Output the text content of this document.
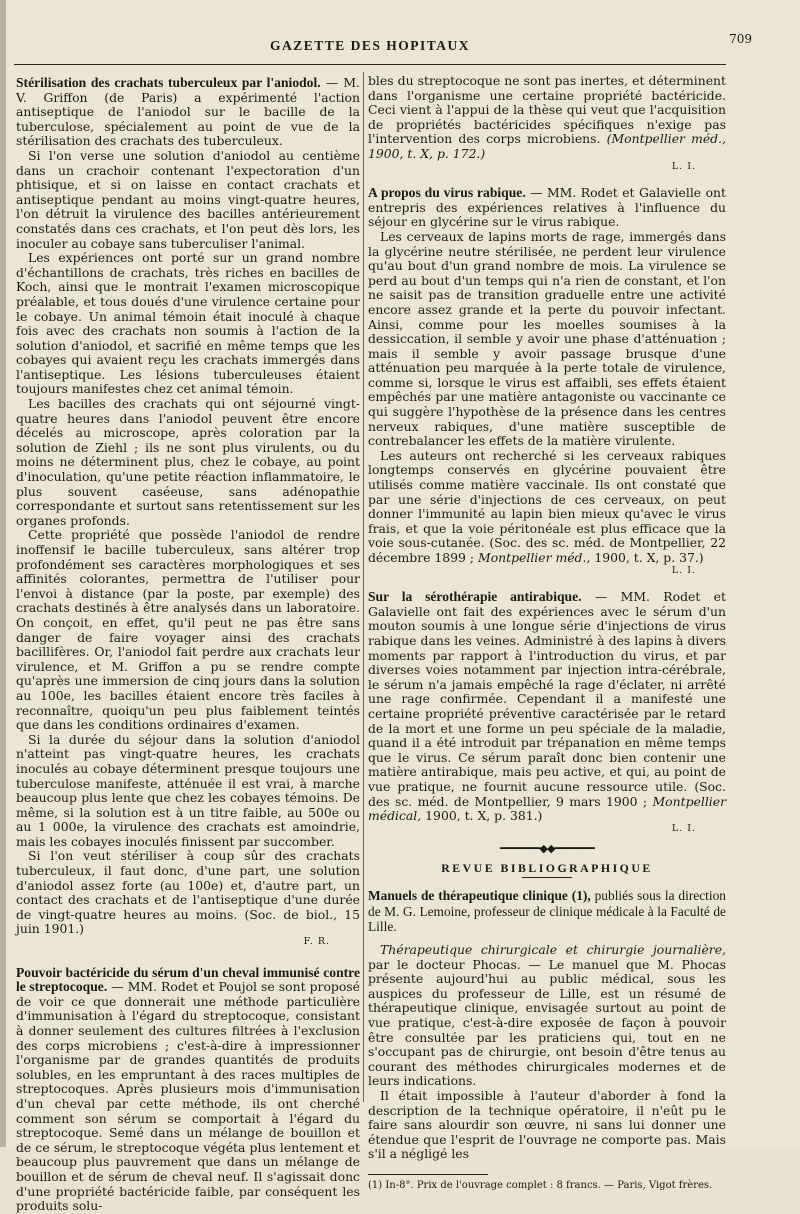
GAZETTE DES HOPITAUX	709

Stérilisation des crachats tuberculeux par l'aniodol. — M. V. Griffon (de Paris) a expérimenté l'action antiseptique de l'aniodol sur le bacille de la tuberculose, spécialement au point de vue de la stérilisation des crachats des tuberculeux.

Si l'on verse une solution d'aniodol au centième dans un crachoir contenant l'expectoration d'un phtisique, et si on laisse en contact crachats et antiseptique pendant au moins vingt-quatre heures, l'on détruit la virulence des bacilles antérieurement constatés dans ces crachats, et l'on peut dès lors, les inoculer au cobaye sans tuberculiser l'animal.

Les expériences ont porté sur un grand nombre d'échantillons de crachats, très riches en bacilles de Koch, ainsi que le montrait l'examen microscopique préalable, et tous doués d'une virulence certaine pour le cobaye. Un animal témoin était inoculé à chaque fois avec des crachats non soumis à l'action de la solution d'aniodol, et sacrifié en même temps que les cobayes qui avaient reçu les crachats immergés dans l'antiseptique. Les lésions tuberculeuses étaient toujours manifestes chez cet animal témoin.

Les bacilles des crachats qui ont séjourné vingt-quatre heures dans l'aniodol peuvent être encore décelés au microscope, après coloration par la solution de Ziehl ; ils ne sont plus virulents, ou du moins ne déterminent plus, chez le cobaye, au point d'inoculation, qu'une petite réaction inflammatoire, le plus souvent caséeuse, sans adénopathie correspondante et surtout sans retentissement sur les organes profonds.

Cette propriété que possède l'aniodol de rendre inoffensif le bacille tuberculeux, sans altérer trop profondément ses caractères morphologiques et ses affinités colorantes, permettra de l'utiliser pour l'envoi à distance (par la poste, par exemple) des crachats destinés à être analysés dans un laboratoire. On conçoit, en effet, qu'il peut ne pas être sans danger de faire voyager ainsi des crachats bacillifères. Or, l'aniodol fait perdre aux crachats leur virulence, et M. Griffon a pu se rendre compte qu'après une immersion de cinq jours dans la solution au 100e, les bacilles étaient encore très faciles à reconnaître, quoiqu'un peu plus faiblement teintés que dans les conditions ordinaires d'examen.

Si la durée du séjour dans la solution d'aniodol n'atteint pas vingt-quatre heures, les crachats inoculés au cobaye déterminent presque toujours une tuberculose manifeste, atténuée il est vrai, à marche beaucoup plus lente que chez les cobayes témoins. De même, si la solution est à un titre faible, au 500e ou au 1 000e, la virulence des crachats est amoindrie, mais les cobayes inoculés finissent par succomber.

Si l'on veut stériliser à coup sûr des crachats tuberculeux, il faut donc, d'une part, une solution d'aniodol assez forte (au 100e) et, d'autre part, un contact des crachats et de l'antiseptique d'une durée de vingt-quatre heures au moins. (Soc. de biol., 15 juin 1901.)

F. R.

Pouvoir bactéricide du sérum d'un cheval immunisé contre le streptocoque. — MM. Rodet et Poujol se sont proposé de voir ce que donnerait une méthode particulière d'immunisation à l'égard du streptocoque, consistant à donner seulement des cultures filtrées à l'exclusion des corps microbiens ; c'est-à-dire à impressionner l'organisme par de grandes quantités de produits solubles, en les empruntant à des races multiples de streptocoques. Après plusieurs mois d'immunisation d'un cheval par cette méthode, ils ont cherché comment son sérum se comportait à l'égard du streptocoque. Semé dans un mélange de bouillon et de ce sérum, le streptocoque végéta plus lentement et beaucoup plus pauvrement que dans un mélange de bouillon et de sérum de cheval neuf. Il s'agissait donc d'une propriété bactéricide faible, par conséquent les produits solu-

bles du streptocoque ne sont pas inertes, et déterminent dans l'organisme une certaine propriété bactéricide. Ceci vient à l'appui de la thèse qui veut que l'acquisition de propriétés bactéricides spécifiques n'exige pas l'intervention des corps microbiens. (Montpellier méd., 1900, t. X, p. 172.)

L. I.

A propos du virus rabique. — MM. Rodet et Galavielle ont entrepris des expériences relatives à l'influence du séjour en glycérine sur le virus rabique.

Les cerveaux de lapins morts de rage, immergés dans la glycérine neutre stérilisée, ne perdent leur virulence qu'au bout d'un grand nombre de mois. La virulence se perd au bout d'un temps qui n'a rien de constant, et l'on ne saisit pas de transition graduelle entre une activité encore assez grande et la perte du pouvoir infectant. Ainsi, comme pour les moelles soumises à la dessiccation, il semble y avoir une phase d'atténuation ; mais il semble y avoir passage brusque d'une atténuation peu marquée à la perte totale de virulence, comme si, lorsque le virus est affaibli, ses effets étaient empêchés par une matière antagoniste ou vaccinante ce qui suggère l'hypothèse de la présence dans les centres nerveux rabiques, d'une matière susceptible de contrebalancer les effets de la matière virulente.

Les auteurs ont recherché si les cerveaux rabiques longtemps conservés en glycérine pouvaient être utilisés comme matière vaccinale. Ils ont constaté que par une série d'injections de ces cerveaux, on peut donner l'immunité au lapin bien mieux qu'avec le virus frais, et que la voie péritonéale est plus efficace que la voie sous-cutanée. (Soc. des sc. méd. de Montpellier, 22 décembre 1899 ; Montpellier méd., 1900, t. X, p. 37.)

L. I.

Sur la sérothérapie antirabique. — MM. Rodet et Galavielle ont fait des expériences avec le sérum d'un mouton soumis à une longue série d'injections de virus rabique dans les veines. Administré à des lapins à divers moments par rapport à l'introduction du virus, et par diverses voies notamment par injection intra-cérébrale, le sérum n'a jamais empêché la rage d'éclater, ni arrêté une rage confirmée. Cependant il a manifesté une certaine propriété préventive caractérisée par le retard de la mort et une forme un peu spéciale de la maladie, quand il a été introduit par trépanation en même temps que le virus. Ce sérum paraît donc bien contenir une matière antirabique, mais peu active, et qui, au point de vue pratique, ne fournit aucune ressource utile. (Soc. des sc. méd. de Montpellier, 9 mars 1900 ; Montpellier médical, 1900, t. X, p. 381.)

L. I.
━━━━━━━◆◆━━━━━━━
REVUE BIBLIOGRAPHIQUE

Manuels de thérapeutique clinique (1), publiés sous la direction de M. G. Lemoine, professeur de clinique médicale à la Faculté de Lille.

Thérapeutique chirurgicale et chirurgie journalière, par le docteur Phocas. — Le manuel que M. Phocas présente aujourd'hui au public médical, sous les auspices du professeur de Lille, est un résumé de thérapeutique clinique, envisagée surtout au point de vue pratique, c'est-à-dire exposée de façon à pouvoir être consultée par les praticiens qui, tout en ne s'occupant pas de chirurgie, ont besoin d'être tenus au courant des méthodes chirurgicales modernes et de leurs indications.

Il était impossible à l'auteur d'aborder à fond la description de la technique opératoire, il n'eût pu le faire sans alourdir son œuvre, ni sans lui donner une étendue que l'esprit de l'ouvrage ne comporte pas. Mais s'il a négligé les

(1) In-8°. Prix de l'ouvrage complet : 8 francs. — Paris, Vigot frères.
